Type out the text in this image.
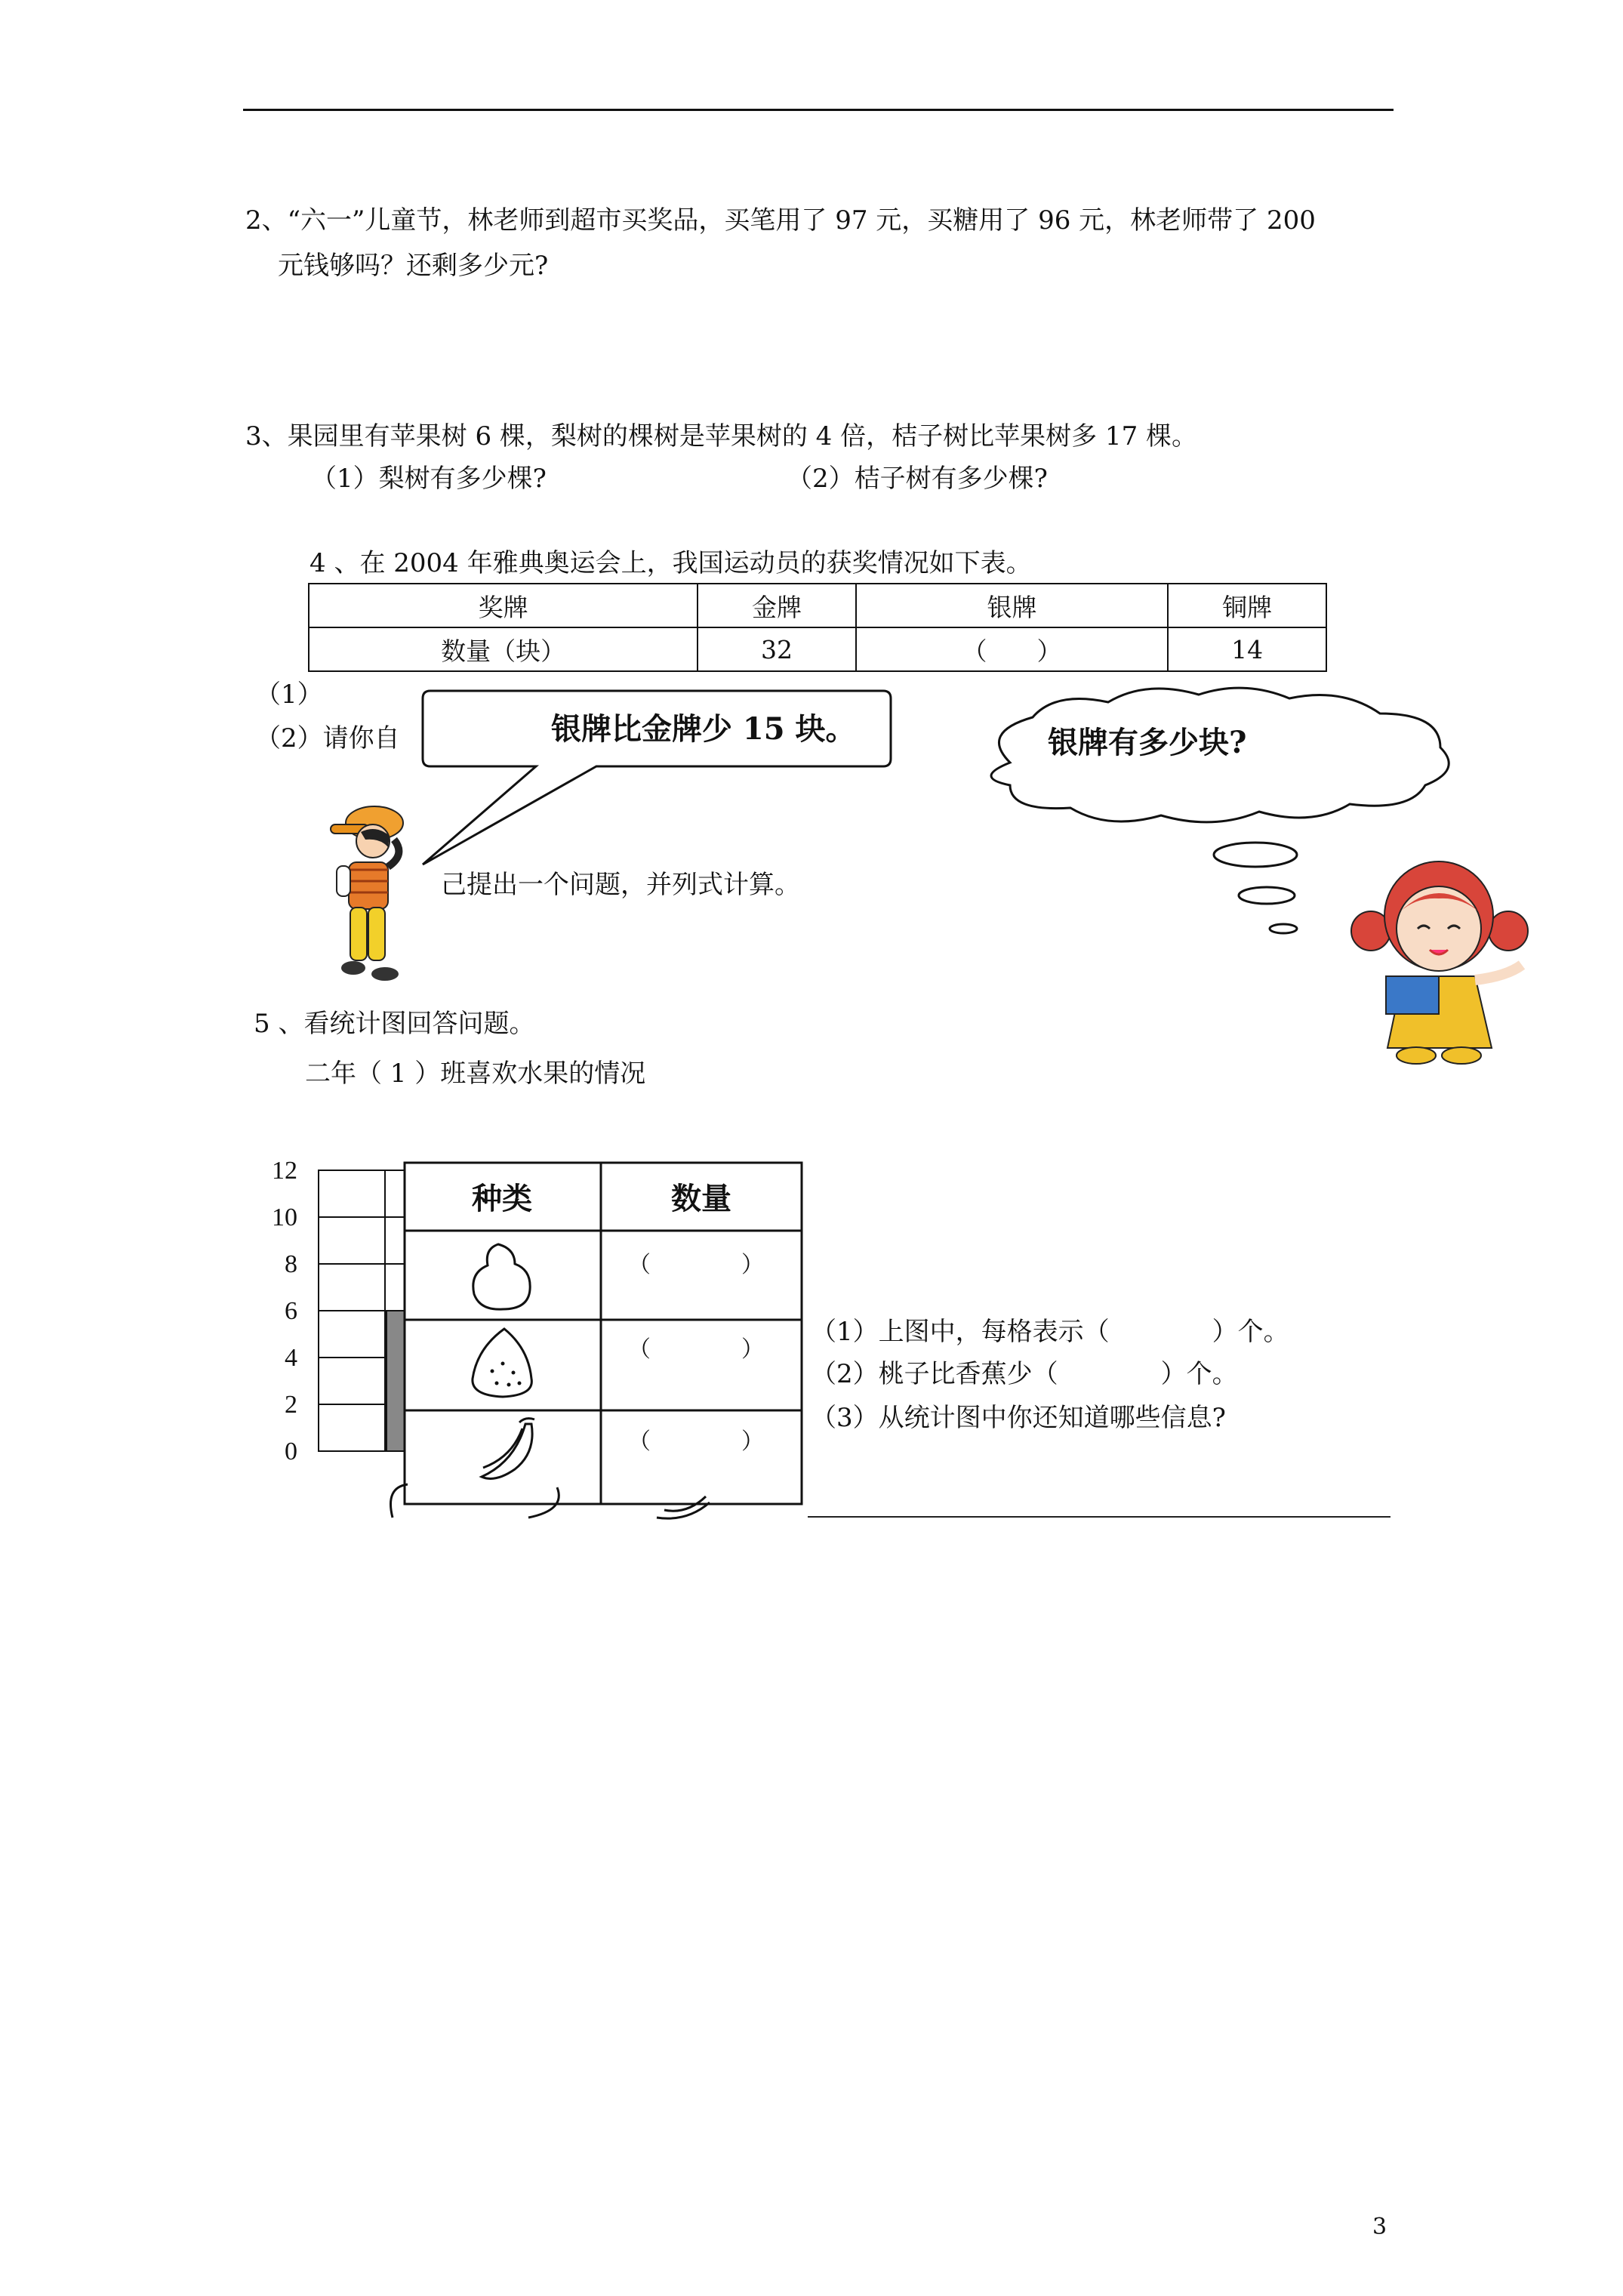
2、“六一”儿童节，林老师到超市买奖品，买笔用了 97 元，买糖用了 96 元，林老师带了 200
元钱够吗？还剩多少元?
3、果园里有苹果树 6 棵，梨树的棵树是苹果树的 4 倍，桔子树比苹果树多 17 棵。
（1）梨树有多少棵?	（2）桔子树有多少棵?
4 、在 2004 年雅典奥运会上，我国运动员的获奖情况如下表。
奖牌	金牌	银牌	铜牌
数量（块）	32	（　　）	14
（1）
（2）请你自
己提出一个问题，并列式计算。
银牌比金牌少 15 块。	银牌有多少块?
5 、看统计图回答问题。
二年（ 1 ）班喜欢水果的情况
12
10
8
6
4
2
0
种类	数量
（　　　　）
（　　　　）
（　　　　）
（1）上图中，每格表示（　　　　）个。
（2）桃子比香蕉少（　　　　）个。
（3）从统计图中你还知道哪些信息?
3
